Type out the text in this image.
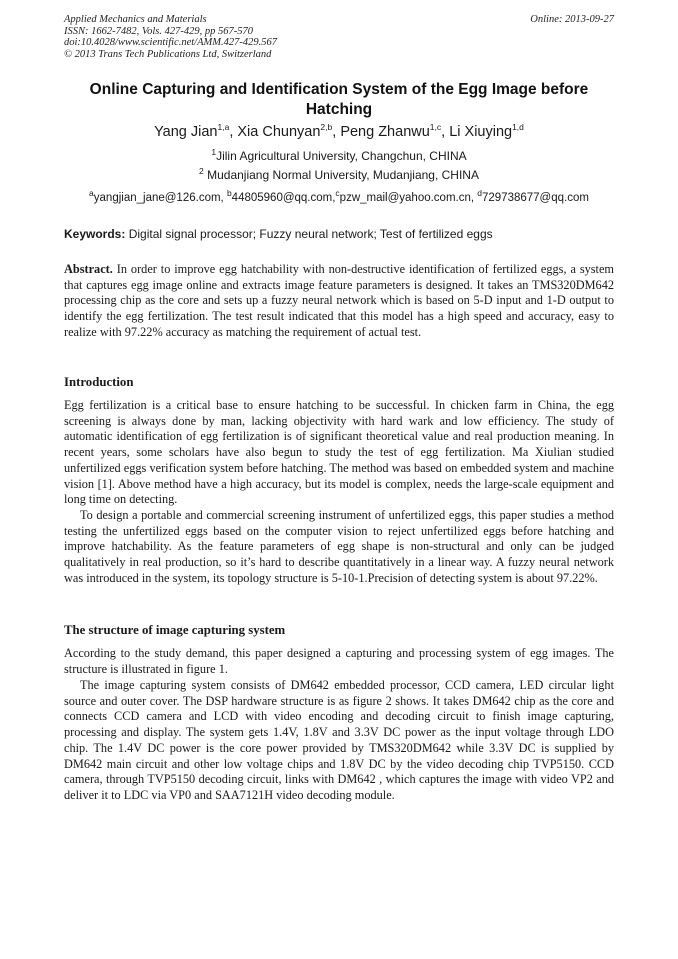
Applied Mechanics and Materials
ISSN: 1662-7482, Vols. 427-429, pp 567-570
doi:10.4028/www.scientific.net/AMM.427-429.567
© 2013 Trans Tech Publications Ltd, Switzerland
Online: 2013-09-27
Online Capturing and Identification System of the Egg Image before Hatching
Yang Jian$^{1,a}$, Xia Chunyan$^{2,b}$, Peng Zhanwu$^{1,c}$, Li Xiuying$^{1,d}$
$^1$Jilin Agricultural University, Changchun, CHINA
$^2$ Mudanjiang Normal University, Mudanjiang, CHINA
$^a$yangjian_jane@126.com, $^b$44805960@qq.com,$^c$pzw_mail@yahoo.com.cn, $^d$729738677@qq.com
Keywords: Digital signal processor; Fuzzy neural network; Test of fertilized eggs

Abstract. In order to improve egg hatchability with non-destructive identification of fertilized eggs, a system that captures egg image online and extracts image feature parameters is designed. It takes an TMS320DM642 processing chip as the core and sets up a fuzzy neural network which is based on 5-D input and 1-D output to identify the egg fertilization. The test result indicated that this model has a high speed and accuracy, easy to realize with 97.22% accuracy as matching the requirement of actual test.

Introduction

Egg fertilization is a critical base to ensure hatching to be successful. In chicken farm in China, the egg screening is always done by man, lacking objectivity with hard wark and low efficiency. The study of automatic identification of egg fertilization is of significant theoretical value and real production meaning. In recent years, some scholars have also begun to study the test of egg fertilization. Ma Xiulian studied unfertilized eggs verification system before hatching. The method was based on embedded system and machine vision [1]. Above method have a high accuracy, but its model is complex, needs the large-scale equipment and long time on detecting.

To design a portable and commercial screening instrument of unfertilized eggs, this paper studies a method testing the unfertilized eggs based on the computer vision to reject unfertilized eggs before hatching and improve hatchability. As the feature parameters of egg shape is non-structural and only can be judged qualitatively in real production, so it’s hard to describe quantitatively in a linear way. A fuzzy neural network was introduced in the system, its topology structure is 5-10-1.Precision of detecting system is about 97.22%.

The structure of image capturing system

According to the study demand, this paper designed a capturing and processing system of egg images. The structure is illustrated in figure 1.

The image capturing system consists of DM642 embedded processor, CCD camera, LED circular light source and outer cover. The DSP hardware structure is as figure 2 shows. It takes DM642 chip as the core and connects CCD camera and LCD with video encoding and decoding circuit to finish image capturing, processing and display. The system gets 1.4V, 1.8V and 3.3V DC power as the input voltage through LDO chip. The 1.4V DC power is the core power provided by TMS320DM642 while 3.3V DC is supplied by DM642 main circuit and other low voltage chips and 1.8V DC by the video decoding chip TVP5150. CCD camera, through TVP5150 decoding circuit, links with DM642 , which captures the image with video VP2 and deliver it to LDC via VP0 and SAA7121H video decoding module.
